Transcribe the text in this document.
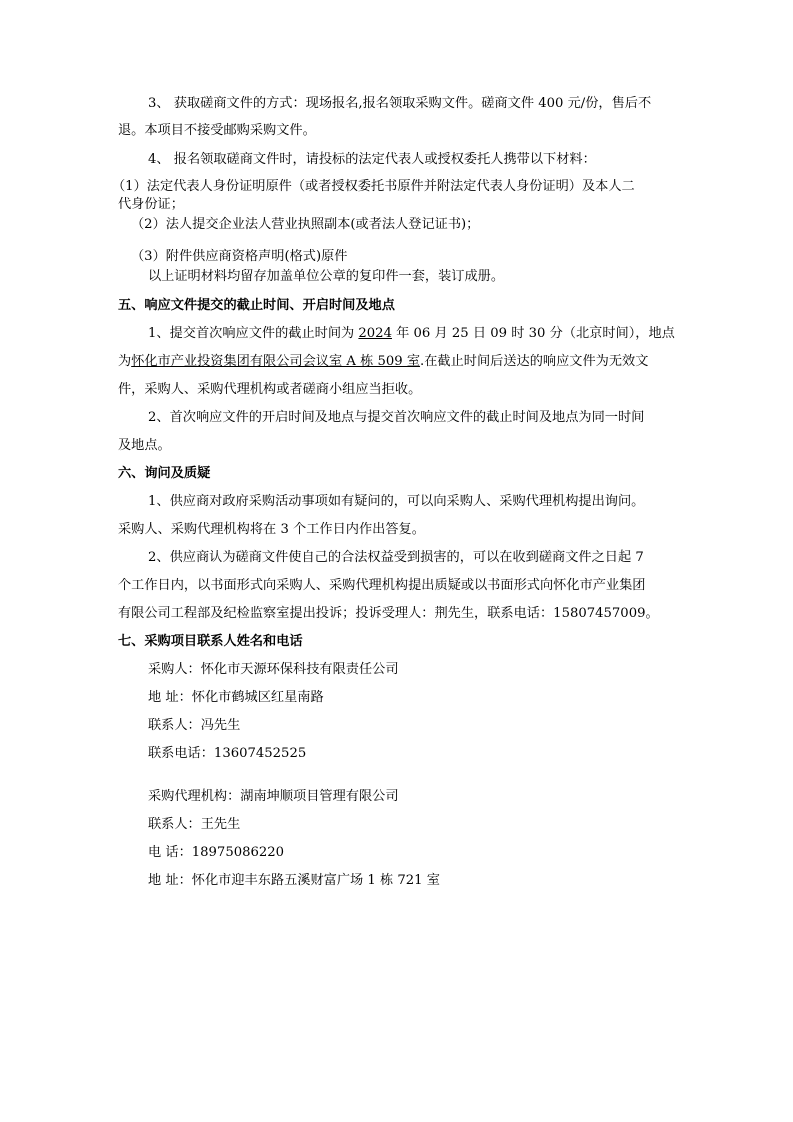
3、 获取磋商文件的方式：现场报名,报名领取采购文件。磋商文件 400 元/份，售后不
退。本项目不接受邮购采购文件。
4、 报名领取磋商文件时，请投标的法定代表人或授权委托人携带以下材料：
（1）法定代表人身份证明原件（或者授权委托书原件并附法定代表人身份证明）及本人二
代身份证；
（2）法人提交企业法人营业执照副本(或者法人登记证书)；
（3）附件供应商资格声明(格式)原件
以上证明材料均留存加盖单位公章的复印件一套，装订成册。
五、响应文件提交的截止时间、开启时间及地点
1、提交首次响应文件的截止时间为 2024 年 06 月 25 日 09 时 30 分（北京时间），地点
为怀化市产业投资集团有限公司会议室 A 栋 509 室.在截止时间后送达的响应文件为无效文
件，采购人、采购代理机构或者磋商小组应当拒收。
2、首次响应文件的开启时间及地点与提交首次响应文件的截止时间及地点为同一时间
及地点。
六、询问及质疑
1、供应商对政府采购活动事项如有疑问的，可以向采购人、采购代理机构提出询问。
采购人、采购代理机构将在 3 个工作日内作出答复。
2、供应商认为磋商文件使自己的合法权益受到损害的，可以在收到磋商文件之日起 7
个工作日内，以书面形式向采购人、采购代理机构提出质疑或以书面形式向怀化市产业集团
有限公司工程部及纪检监察室提出投诉；投诉受理人：荆先生，联系电话：15807457009。
七、采购项目联系人姓名和电话
采购人：怀化市天源环保科技有限责任公司
地 址：怀化市鹤城区红星南路
联系人：冯先生
联系电话：13607452525
采购代理机构：湖南坤顺项目管理有限公司
联系人：王先生
电 话：18975086220
地 址：怀化市迎丰东路五溪财富广场 1 栋 721 室
